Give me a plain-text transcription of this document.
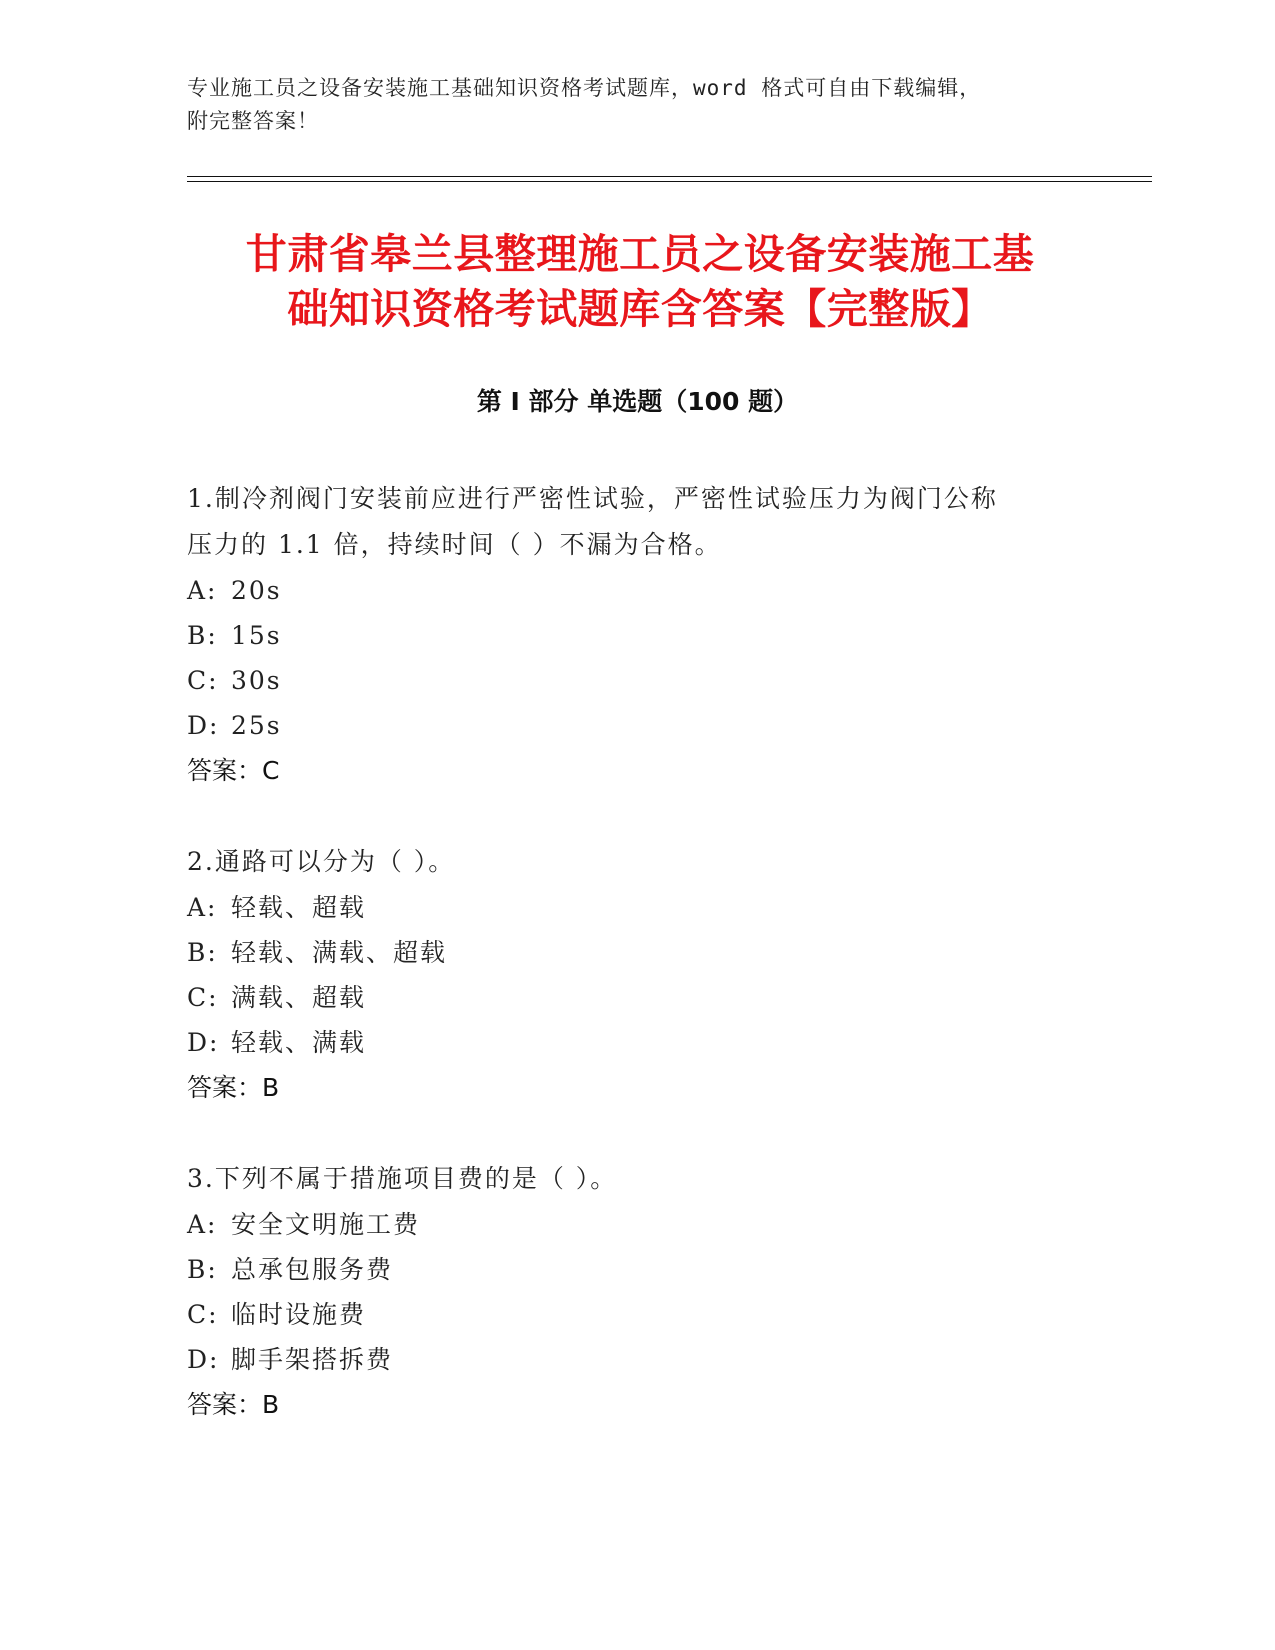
专业施工员之设备安装施工基础知识资格考试题库，word 格式可自由下载编辑，
附完整答案！
甘肃省皋兰县整理施工员之设备安装施工基
础知识资格考试题库含答案【完整版】
第 I 部分 单选题（100 题）

1.制冷剂阀门安装前应进行严密性试验，严密性试验压力为阀门公称
压力的 1.1 倍，持续时间（ ）不漏为合格。

A: 20s

B: 15s

C: 30s

D: 25s

答案：C

2.通路可以分为（ ）。

A: 轻载、超载

B: 轻载、满载、超载

C: 满载、超载

D: 轻载、满载

答案：B

3.下列不属于措施项目费的是（ ）。

A: 安全文明施工费

B: 总承包服务费

C: 临时设施费

D: 脚手架搭拆费

答案：B
